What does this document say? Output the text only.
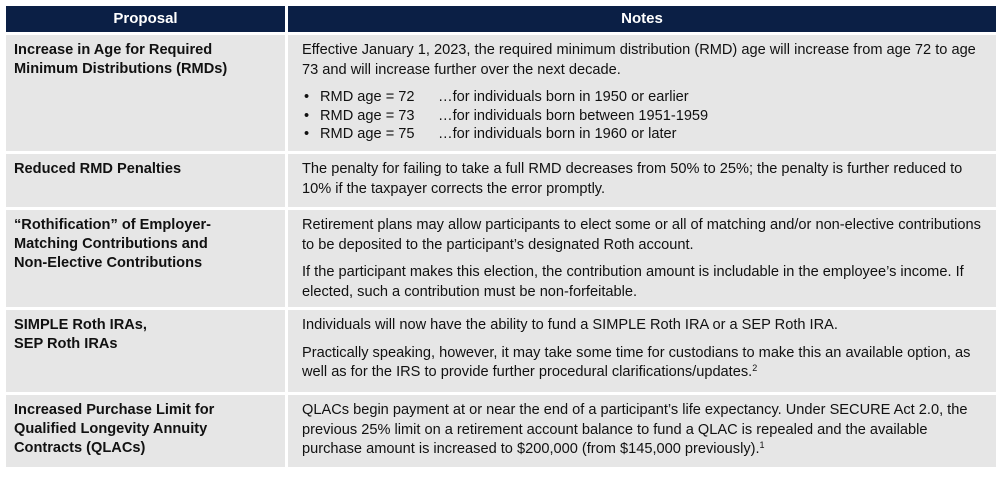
Proposal	Notes
Increase in Age for Required
Minimum Distributions (RMDs)
Effective January 1, 2023, the required minimum distribution (RMD) age will increase from age 72 to age 73 and will increase further over the next decade.
• RMD age = 72 …for individuals born in 1950 or earlier
• RMD age = 73 …for individuals born between 1951-1959
• RMD age = 75 …for individuals born in 1960 or later
Reduced RMD Penalties	The penalty for failing to take a full RMD decreases from 50% to 25%; the penalty is further reduced to 10% if the taxpayer corrects the error promptly.
“Rothification” of Employer-
Matching Contributions and
Non-Elective Contributions
Retirement plans may allow participants to elect some or all of matching and/or non-elective contributions to be deposited to the participant’s designated Roth account.
If the participant makes this election, the contribution amount is includable in the employee’s income. If elected, such a contribution must be non-forfeitable.
SIMPLE Roth IRAs,
SEP Roth IRAs
Individuals will now have the ability to fund a SIMPLE Roth IRA or a SEP Roth IRA.
Practically speaking, however, it may take some time for custodians to make this an available option, as well as for the IRS to provide further procedural clarifications/updates.$^2$
Increased Purchase Limit for
Qualified Longevity Annuity
Contracts (QLACs)
QLACs begin payment at or near the end of a participant’s life expectancy. Under SECURE Act 2.0, the previous 25% limit on a retirement account balance to fund a QLAC is repealed and the available purchase amount is increased to $200,000 (from $145,000 previously).$^1$
